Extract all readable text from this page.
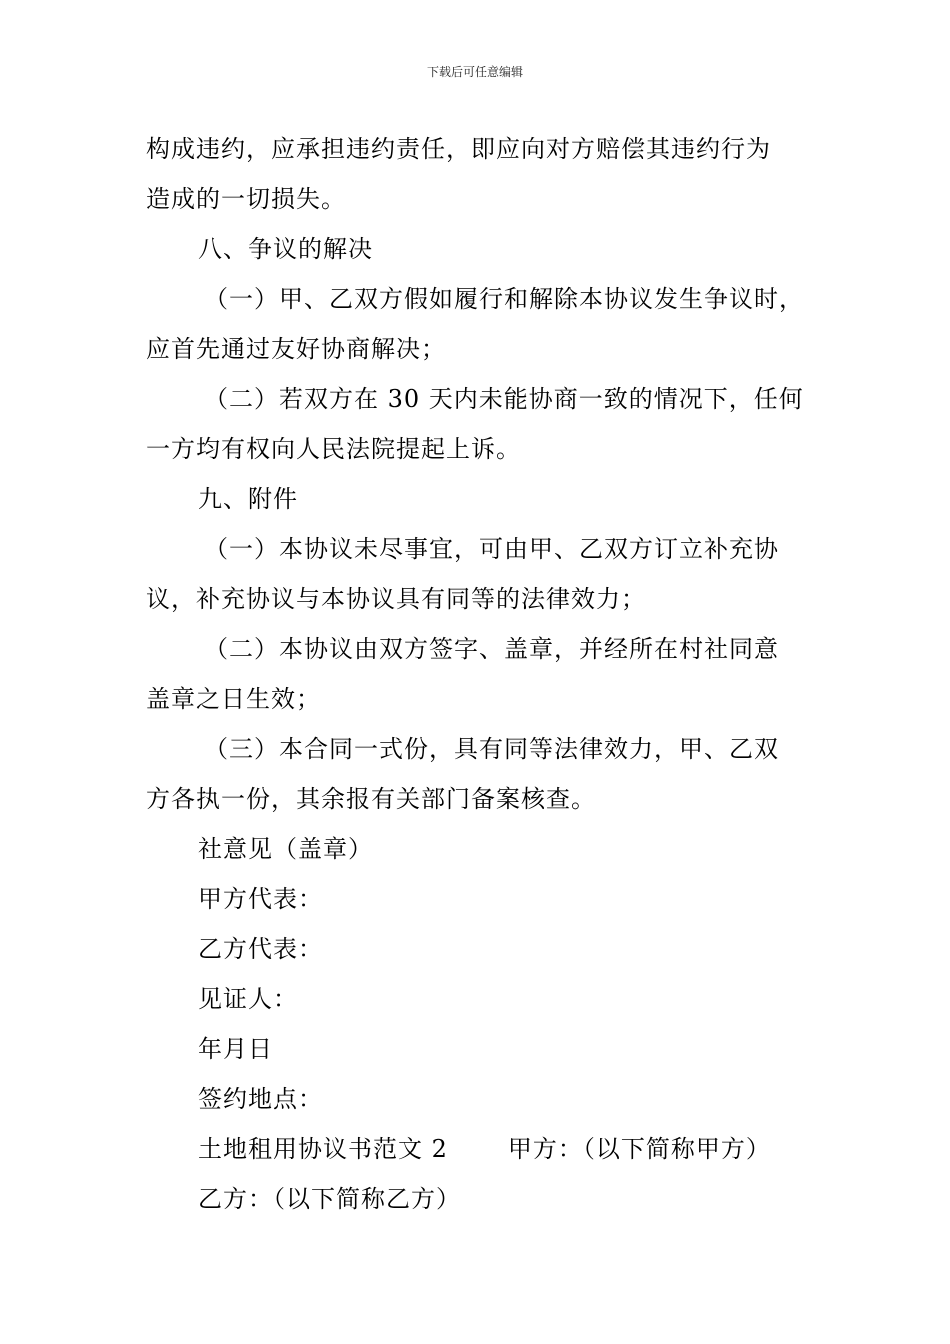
下载后可任意编辑
构成违约，应承担违约责任，即应向对方赔偿其违约行为
造成的一切损失。
八、争议的解决
（一）甲、乙双方假如履行和解除本协议发生争议时，
应首先通过友好协商解决；
（二）若双方在 30 天内未能协商一致的情况下，任何
一方均有权向人民法院提起上诉。
九、附件
（一）本协议未尽事宜，可由甲、乙双方订立补充协
议，补充协议与本协议具有同等的法律效力；
（二）本协议由双方签字、盖章，并经所在村社同意
盖章之日生效；
（三）本合同一式份，具有同等法律效力，甲、乙双
方各执一份，其余报有关部门备案核查。
社意见（盖章）
甲方代表：
乙方代表：
见证人：
年月日
签约地点：
土地租用协议书范文 2	甲方：（以下简称甲方）
乙方：（以下简称乙方）
